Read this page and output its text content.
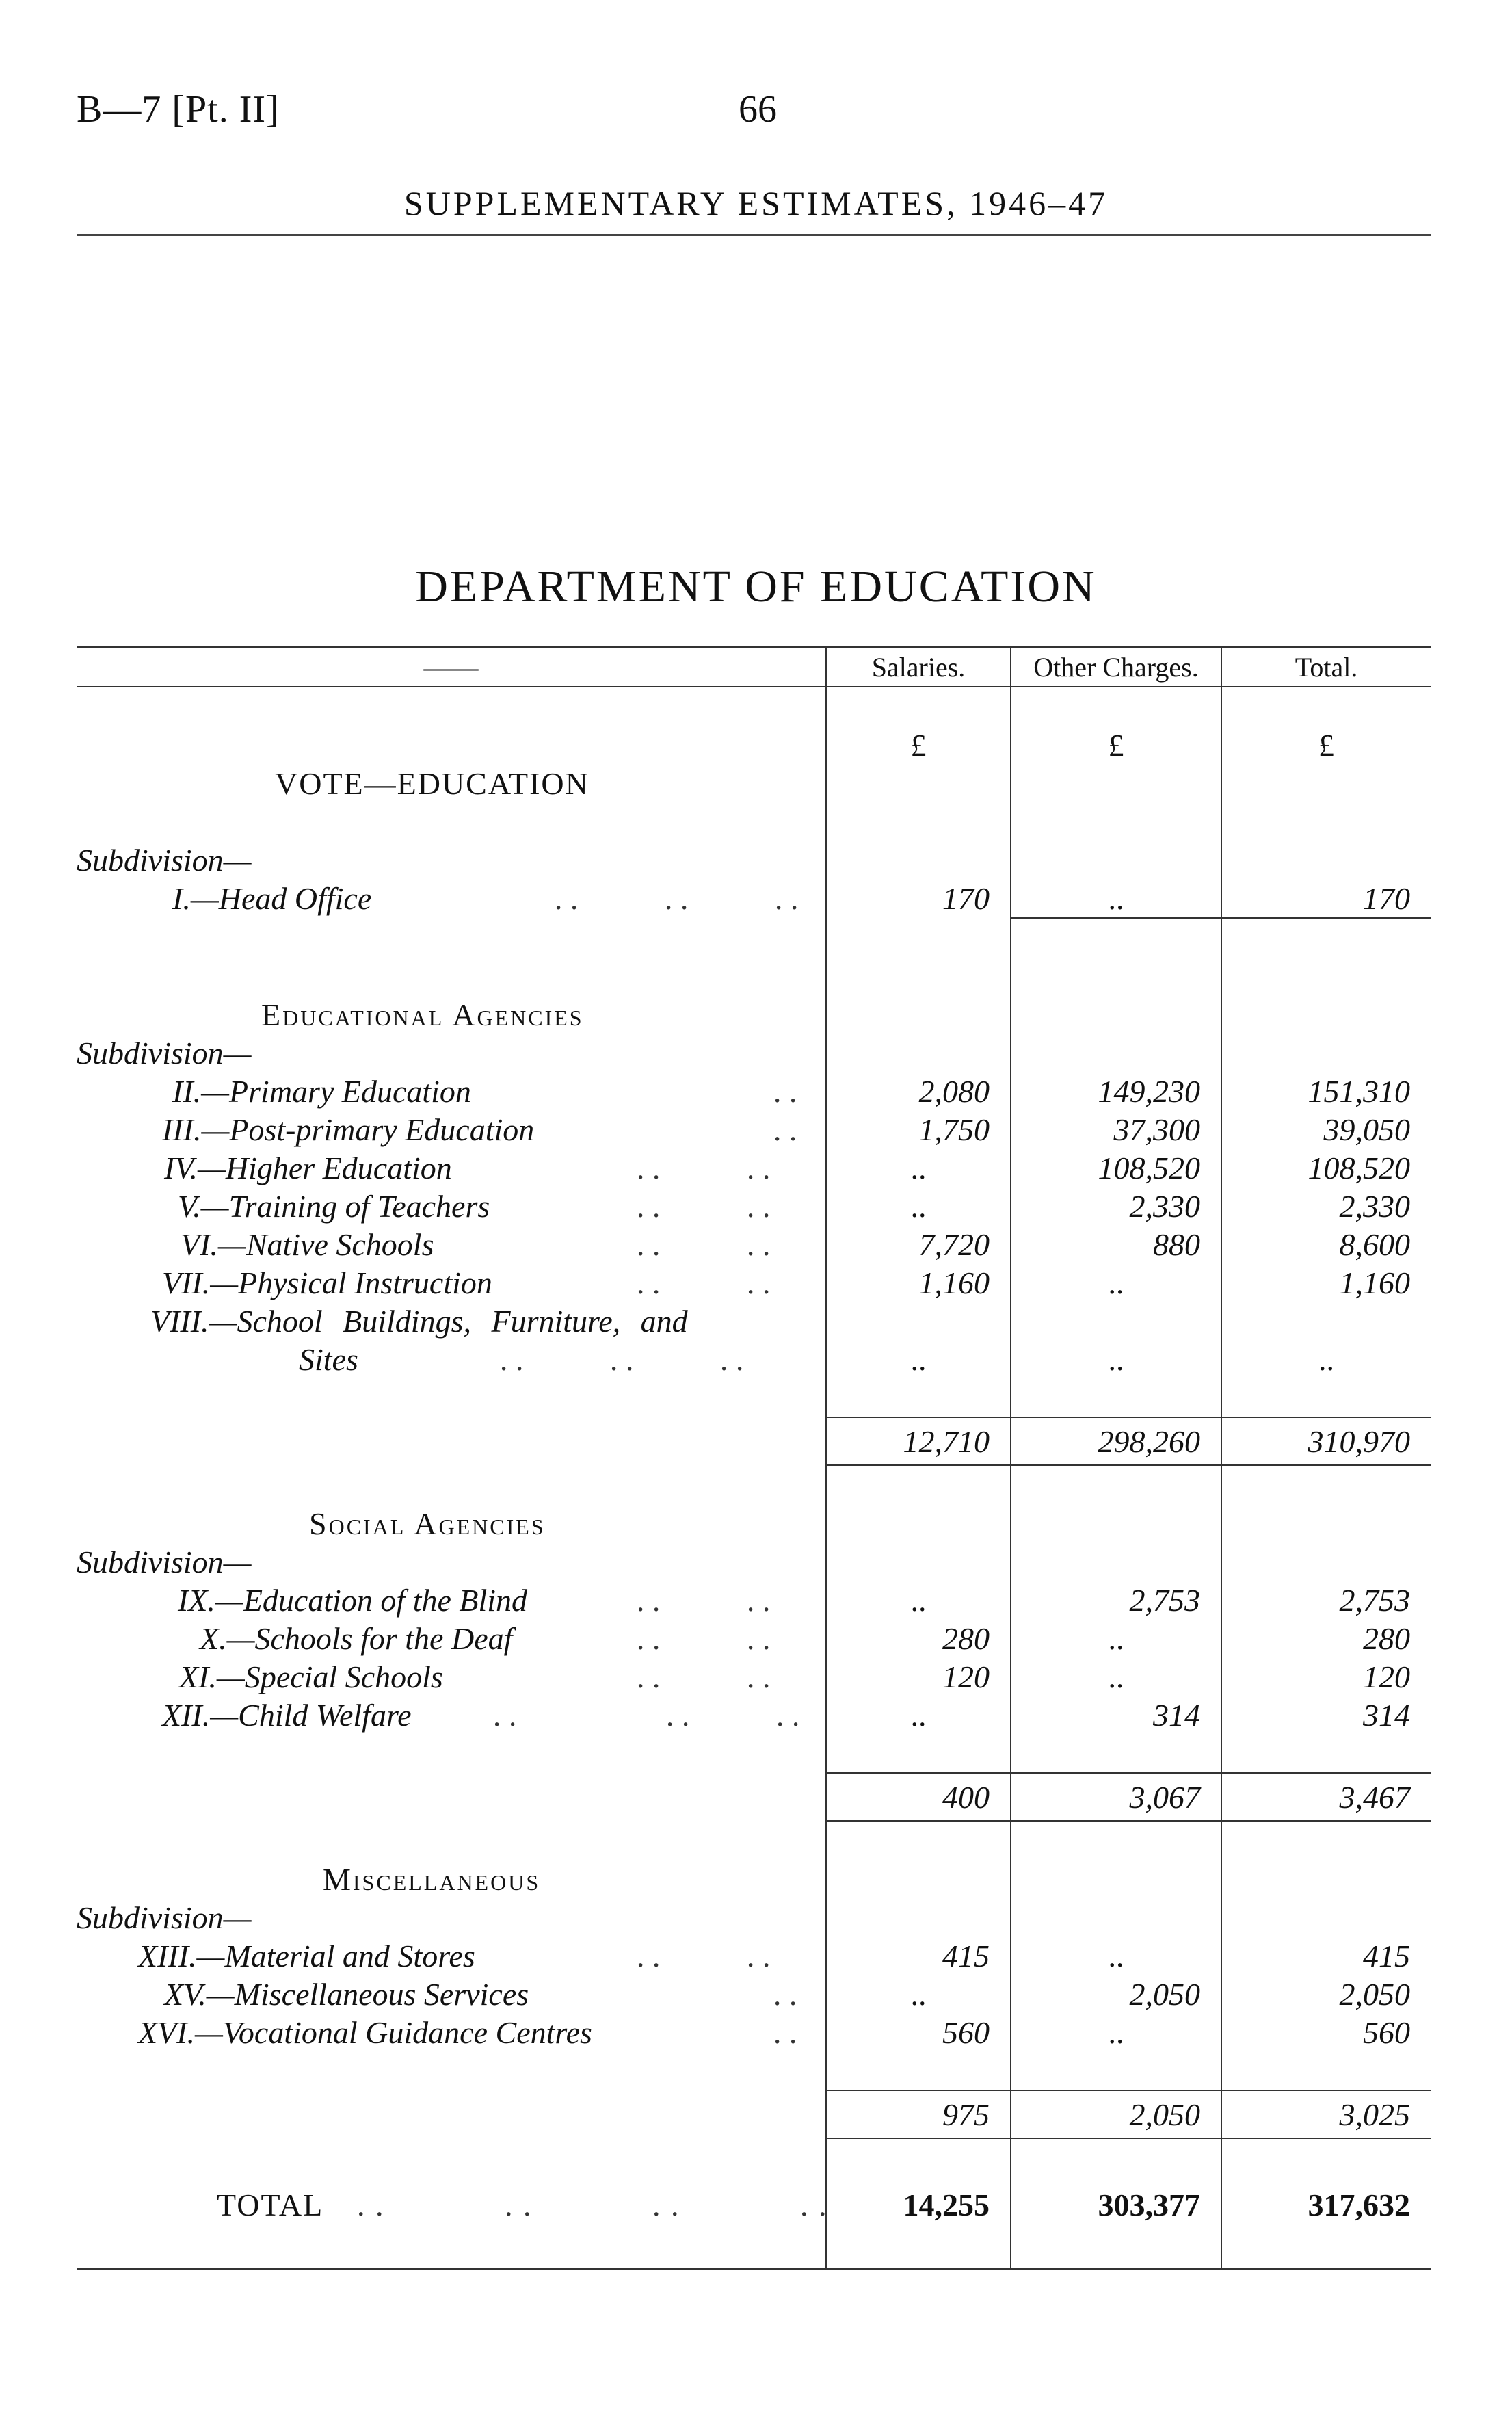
B—7 [Pt. II]	66
SUPPLEMENTARY ESTIMATES, 1946–47
DEPARTMENT OF EDUCATION
——	Salaries.	Other Charges.	Total.

	£	£	£
VOTE—EDUCATION			

Subdivision—			
I.—Head Office . .           . .           . .	170	..	170

Educational Agencies			
Subdivision—			
II.—Primary Education . .	2,080	149,230	151,310
III.—Post-primary Education . .	1,750	37,300	39,050
IV.—Higher Education . .           . .	..	108,520	108,520
V.—Training of Teachers . .           . .	..	2,330	2,330
VI.—Native Schools . .           . .	7,720	880	8,600
VII.—Physical Instruction . .           . .	1,160	..	1,160
VIII.—School Buildings, Furniture, and			
Sites . .           . .           . .	..	..	..

	12,710	298,260	310,970

Social Agencies			
Subdivision—			
IX.—Education of the Blind . .           . .	..	2,753	2,753
X.—Schools for the Deaf . .           . .	280	..	280
XI.—Special Schools . .           . .	120	..	120
XII.—Child Welfare . .                   . .           . .	..	314	314

	400	3,067	3,467

Miscellaneous			
Subdivision—			
XIII.—Material and Stores . .           . .	415	..	415
XV.—Miscellaneous Services . .	..	2,050	2,050
XVI.—Vocational Guidance Centres . .	560	..	560

	975	2,050	3,025

TOTAL . .             . .             . .             . .	14,255	303,377	317,632
